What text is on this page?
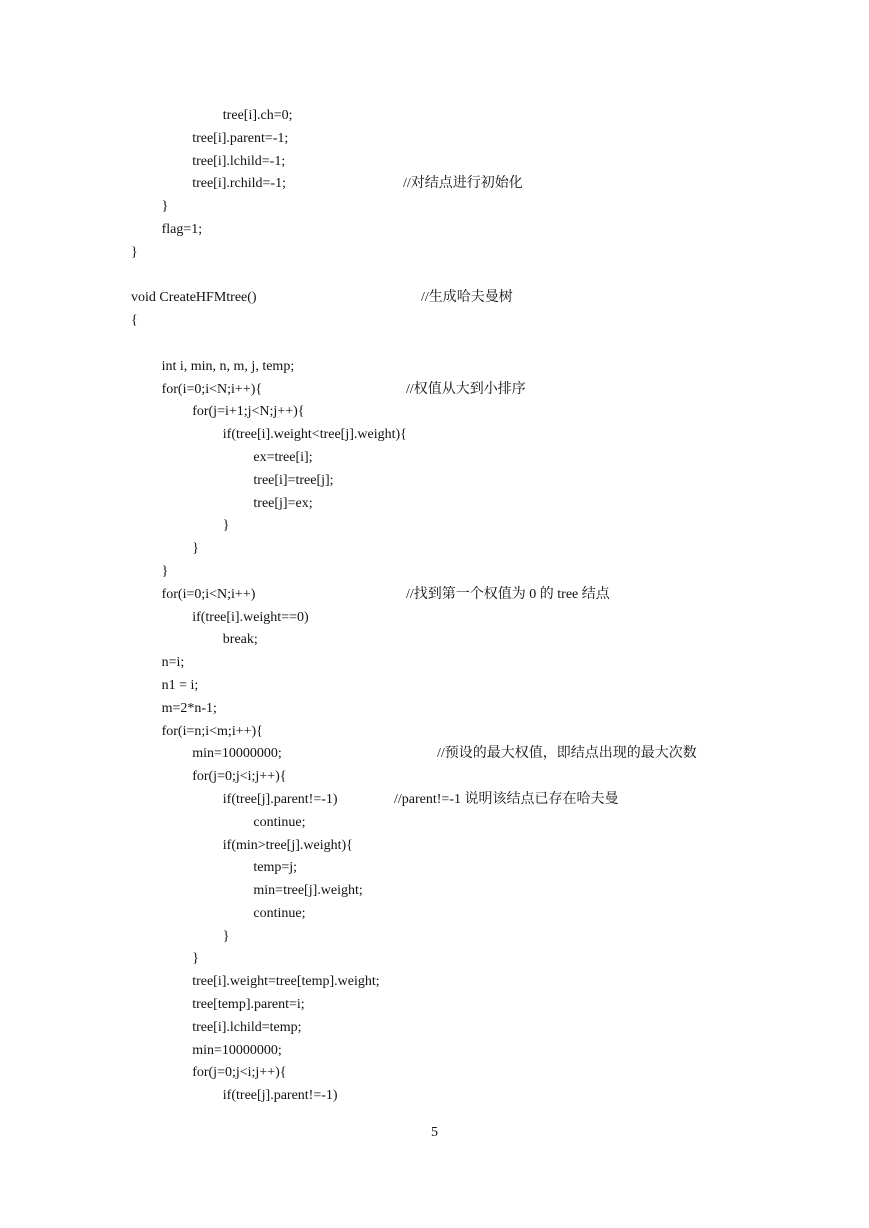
tree[i].ch=0;
tree[i].parent=-1;
tree[i].lchild=-1;
tree[i].rchild=-1;	//对结点进行初始化
}
flag=1;
}
void CreateHFMtree()	//生成哈夫曼树
{
int i, min, n, m, j, temp;
for(i=0;i<N;i++){	//权值从大到小排序
for(j=i+1;j<N;j++){
if(tree[i].weight<tree[j].weight){
ex=tree[i];
tree[i]=tree[j];
tree[j]=ex;
}
}
}
for(i=0;i<N;i++)	//找到第一个权值为 0 的 tree 结点
if(tree[i].weight==0)
break;
n=i;
n1 = i;
m=2*n-1;
for(i=n;i<m;i++){
min=10000000;	//预设的最大权值，即结点出现的最大次数
for(j=0;j<i;j++){
if(tree[j].parent!=-1)	//parent!=-1 说明该结点已存在哈夫曼
continue;
if(min>tree[j].weight){
temp=j;
min=tree[j].weight;
continue;
}
}
tree[i].weight=tree[temp].weight;
tree[temp].parent=i;
tree[i].lchild=temp;
min=10000000;
for(j=0;j<i;j++){
if(tree[j].parent!=-1)
5
